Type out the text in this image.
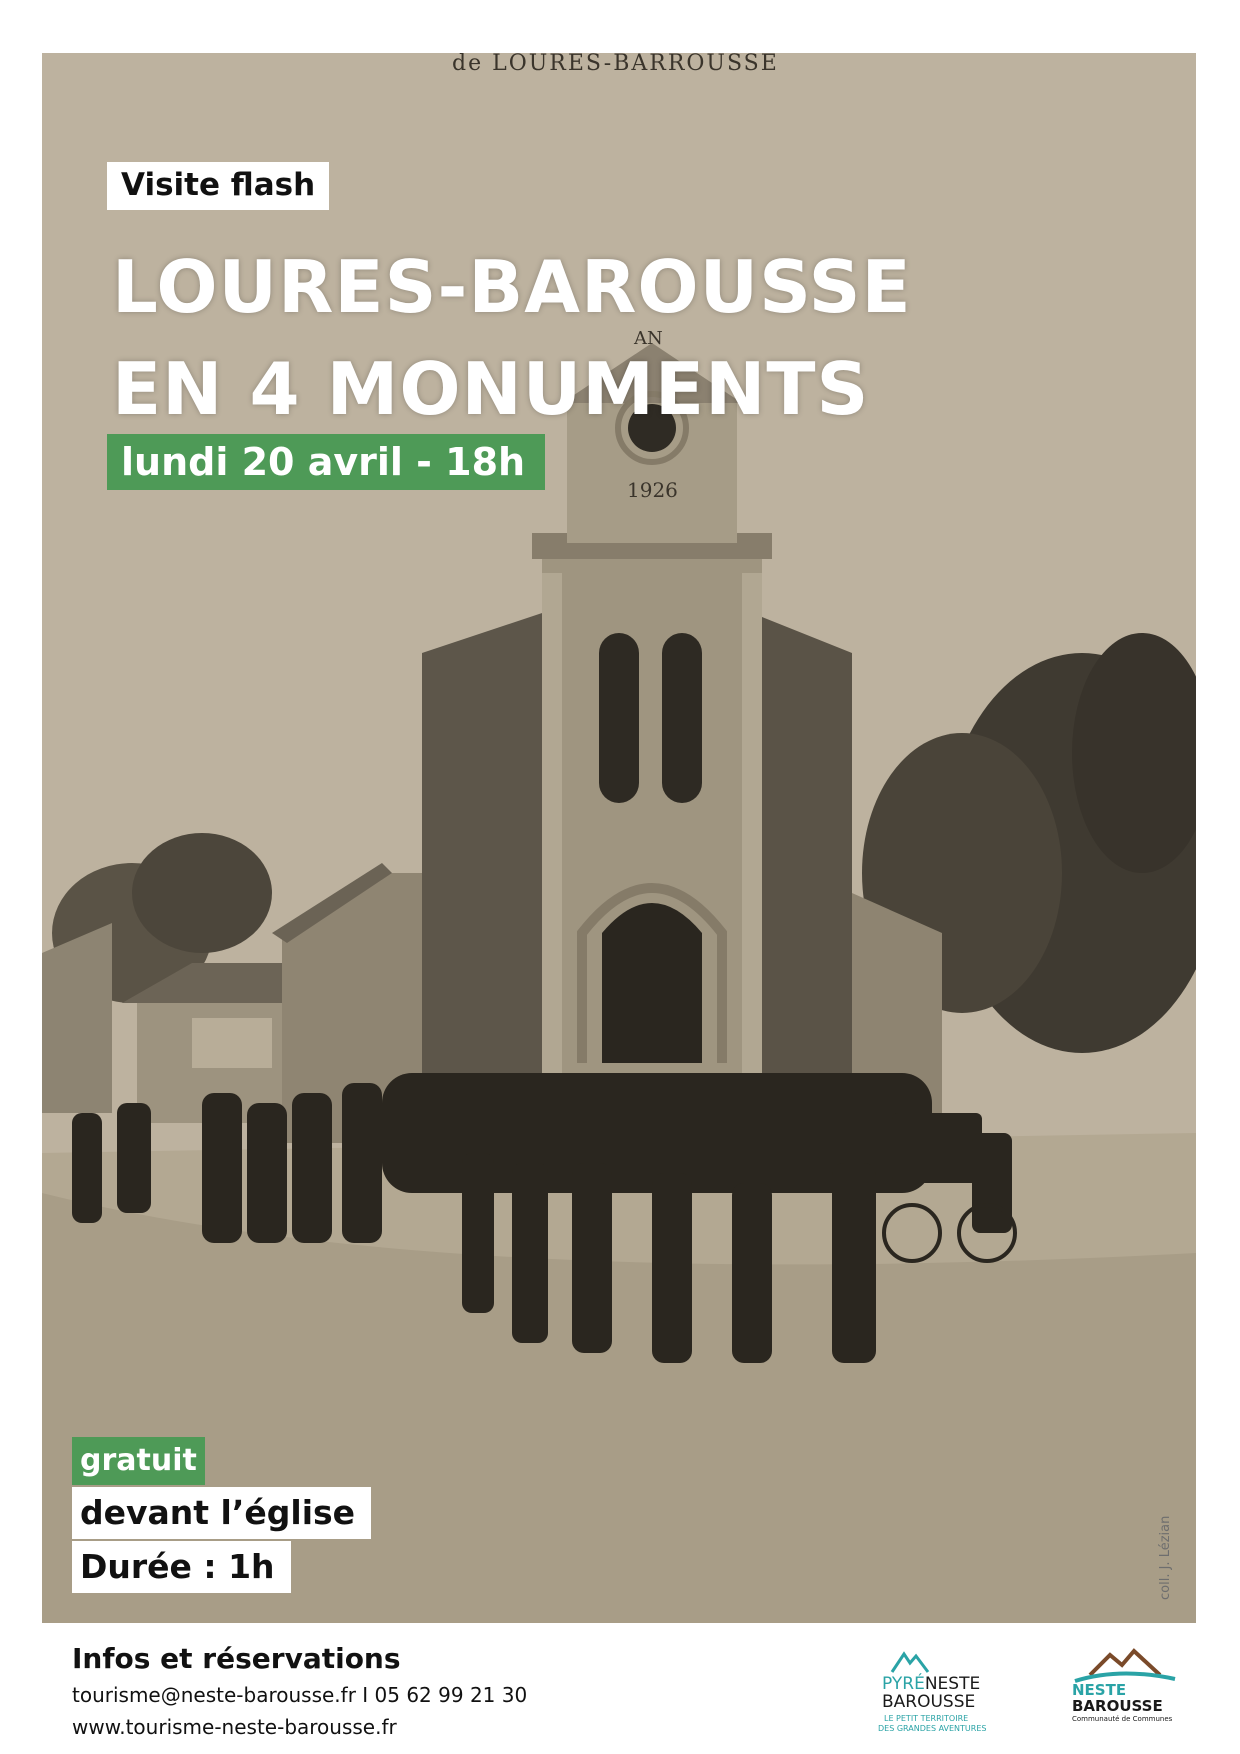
de LOURES-BARROUSSE
AN
1926
Visite flash
LOURES-BAROUSSE
EN 4 MONUMENTS
lundi 20 avril - 18h
gratuit
devant l’église
Durée : 1h	coll. J. Lézian
Infos et réservations
tourisme@neste-barousse.fr I 05 62 99 21 30
www.tourisme-neste-barousse.fr
PYRÉNESTE
BAROUSSE
LE PETIT TERRITOIRE
DES GRANDES AVENTURES
NESTE
BAROUSSE
Communauté de Communes
